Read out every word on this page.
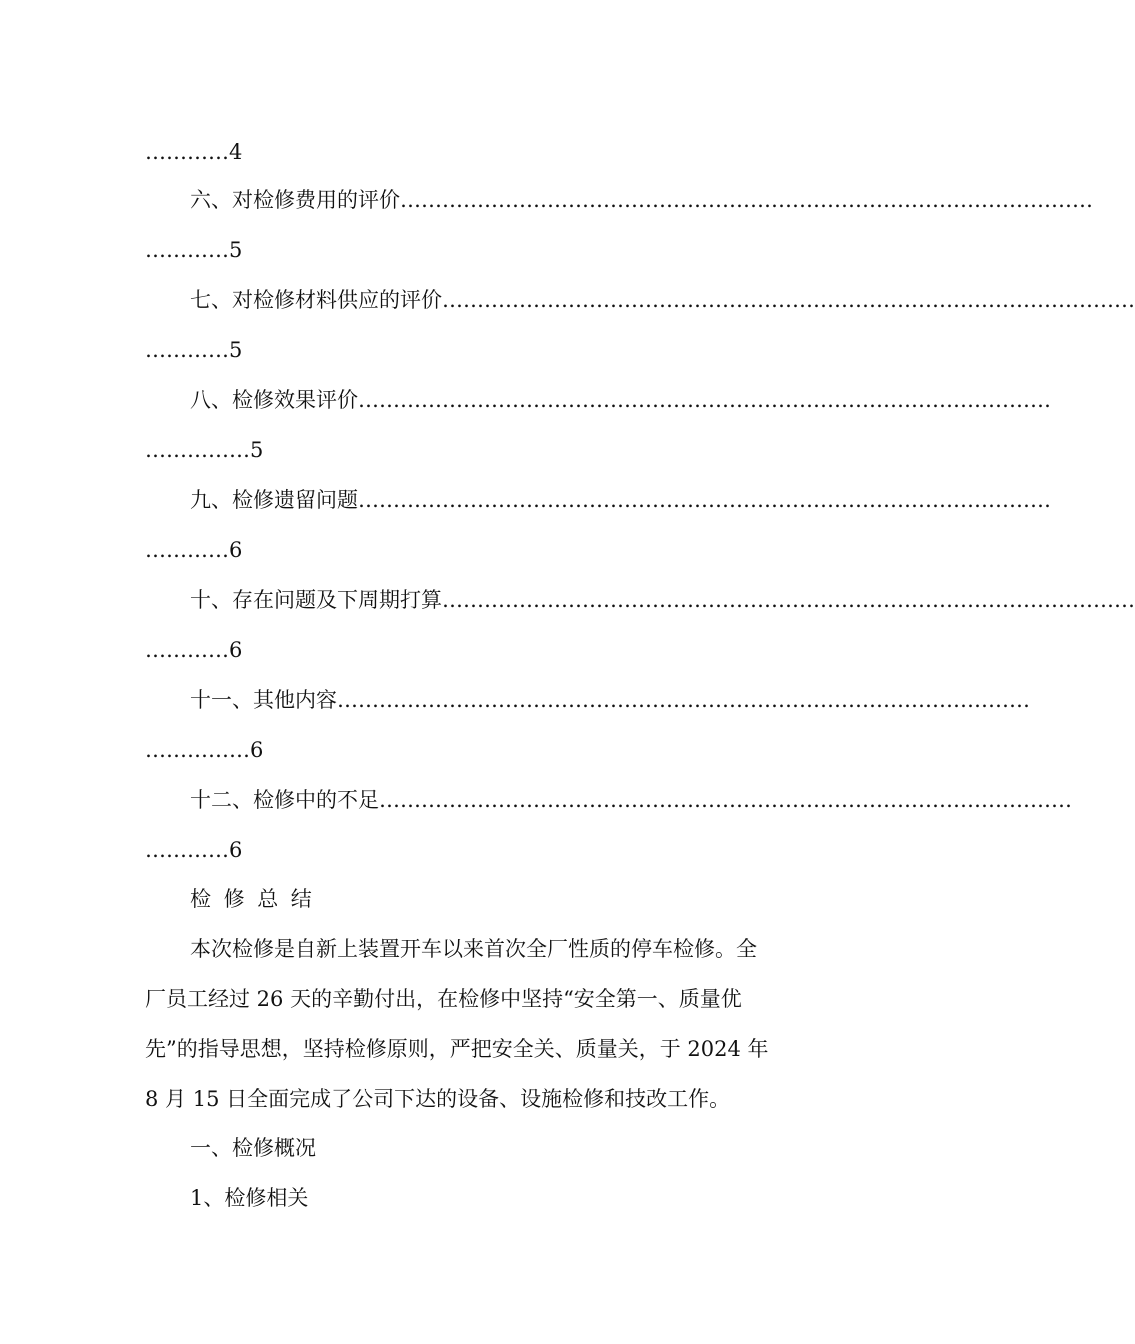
………… 4
六、对检修费用的评价 ………………………………………………………………………………………
………… 5
七、对检修材料供应的评价 ………………………………………………………………………………………
………… 5
八、检修效果评价 ………………………………………………………………………………………
…………… 5
九、检修遗留问题 ………………………………………………………………………………………
………… 6
十、存在问题及下周期打算 ………………………………………………………………………………………
………… 6
十一、其他内容 ………………………………………………………………………………………
…………… 6
十二、检修中的不足 ………………………………………………………………………………………
………… 6
检修总结
本次检修是自新上装置开车以来首次全厂性质的停车检修。全
厂员工经过 26 天的辛勤付出，在检修中坚持“安全第一、质量优
先”的指导思想，坚持检修原则，严把安全关、质量关，于 2024 年
8 月 15 日全面完成了公司下达的设备、设施检修和技改工作。
一、检修概况
1、检修相关
